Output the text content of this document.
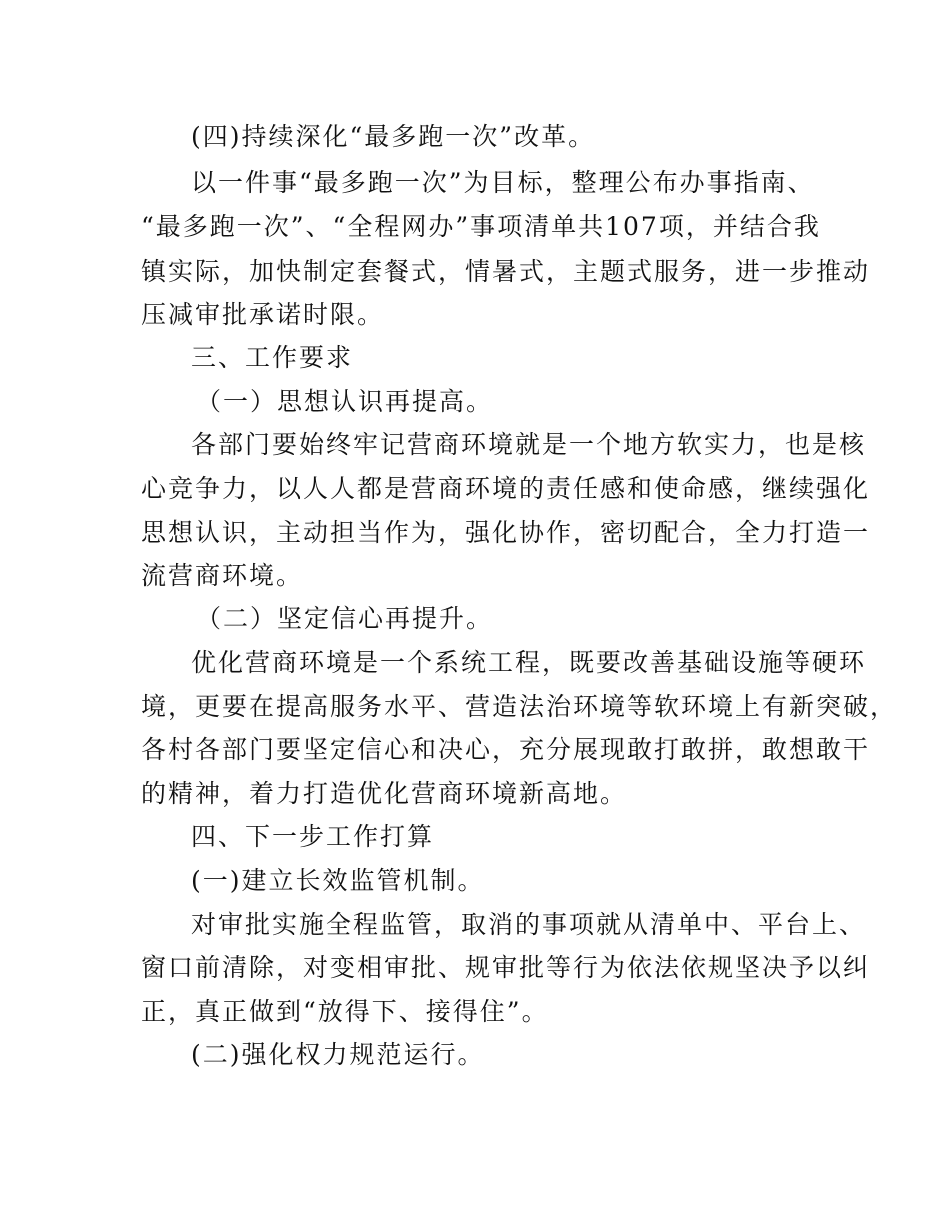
(四)持续深化“最多跑一次”改革。
以一件事“最多跑一次”为目标，整理公布办事指南、
“最多跑一次”、“全程网办”事项清单共107项，并结合我
镇实际，加快制定套餐式，情暑式，主题式服务，进一步推动
压减审批承诺时限。
三、工作要求
（一）思想认识再提高。
各部门要始终牢记营商环境就是一个地方软实力，也是核
心竞争力，以人人都是营商环境的责任感和使命感，继续强化
思想认识，主动担当作为，强化协作，密切配合，全力打造一
流营商环境。
（二）坚定信心再提升。
优化营商环境是一个系统工程，既要改善基础设施等硬环
境，更要在提高服务水平、营造法治环境等软环境上有新突破，
各村各部门要坚定信心和决心，充分展现敢打敢拼，敢想敢干
的精神，着力打造优化营商环境新高地。
四、下一步工作打算
(一)建立长效监管机制。
对审批实施全程监管，取消的事项就从清单中、平台上、
窗口前清除，对变相审批、规审批等行为依法依规坚决予以纠
正，真正做到“放得下、接得住”。
(二)强化权力规范运行。
